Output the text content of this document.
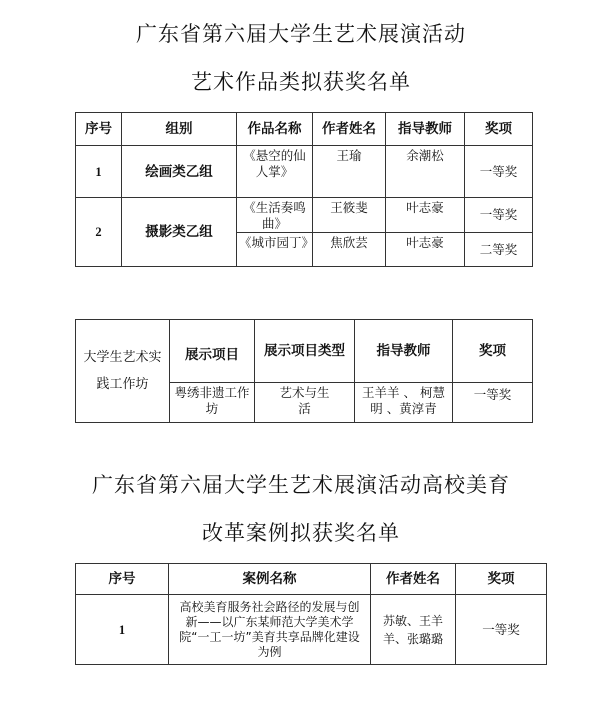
广东省第六届大学生艺术展演活动
艺术作品类拟获奖名单
序号	组别	作品名称	作者姓名	指导教师	奖项
1	绘画类乙组	《悬空的仙人掌》	王瑜	余潮松	一等奖
2	摄影类乙组	《生活奏鸣曲》	王筱斐	叶志豪	一等奖
		《城市园丁》	焦欣芸	叶志豪	二等奖
大学生艺术实践工作坊	展示项目	展示项目类型	指导教师	奖项
	粤绣非遗工作坊	艺术与生活	王羊羊 、 柯慧明 、黄淳青	一等奖
广东省第六届大学生艺术展演活动高校美育
改革案例拟获奖名单
序号	案例名称	作者姓名	奖项
1	高校美育服务社会路径的发展与创新——以广东某师范大学美术学院“一工一坊”美育共享品牌化建设为例	苏敏、王羊羊、张璐璐	一等奖
